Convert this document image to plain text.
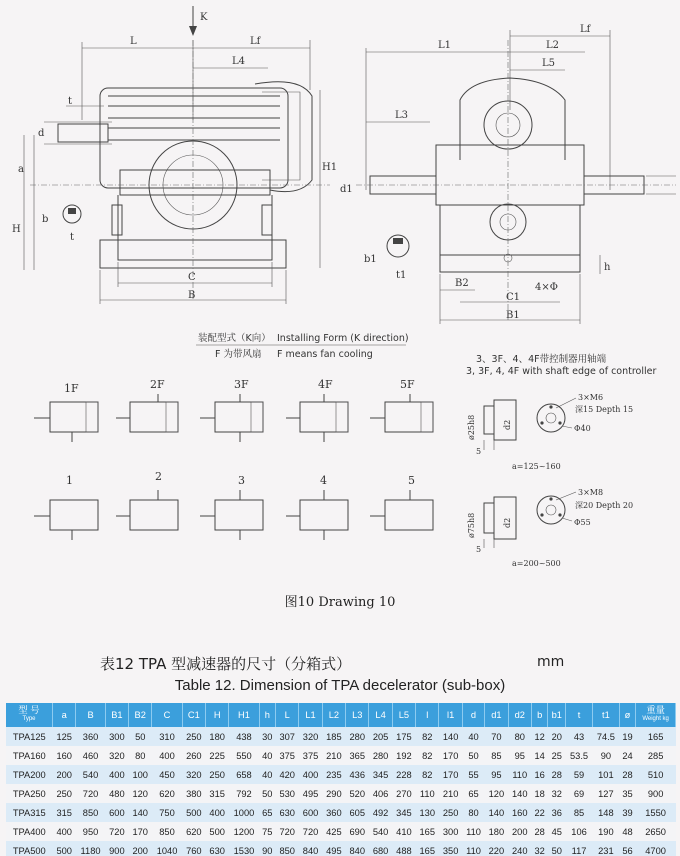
K
L	Lf
L4
t
d
a	H1
H
b
t
C
B
L1
Lf
L2
L5
L3
d1
b1
t1
B2	4×Φ
h
C1
B1
装配型式（K向） Installing Form (K direction)
F 为带风扇 F means fan cooling	3、3F、4、4F带控制器用轴端
3, 3F, 4, 4F with shaft edge of controller
1F	2F	3F	4F	5F
1	2	3	4	5
ø25h8	d2
5
3×M6
深15 Depth 15
Φ40
a=125~160
ø75h8	d2
5
3×M8
深20 Depth 20
Φ55
a=200~500
图10 Drawing 10
表12 TPA 型减速器的尺寸（分箱式）	mm
Table 12. Dimension of TPA decelerator (sub-box)
型 号
Type	a	B	B1	B2	C	C1	H	H1	h	L	L1	L2	L3	L4	L5	l	l1	d	d1	d2	b	b1	t	t1	ø	重量
Weight kg

TPA125	125	360	300	50	310	250	180	438	30	307	320	185	280	205	175	82	140	40	70	80	12	20	43	74.5	19	165
TPA160	160	460	320	80	400	260	225	550	40	375	375	210	365	280	192	82	170	50	85	95	14	25	53.5	90	24	285
TPA200	200	540	400	100	450	320	250	658	40	420	400	235	436	345	228	82	170	55	95	110	16	28	59	101	28	510
TPA250	250	720	480	120	620	380	315	792	50	530	495	290	520	406	270	110	210	65	120	140	18	32	69	127	35	900
TPA315	315	850	600	140	750	500	400	1000	65	630	600	360	605	492	345	130	250	80	140	160	22	36	85	148	39	1550
TPA400	400	950	720	170	850	620	500	1200	75	720	720	425	690	540	410	165	300	110	180	200	28	45	106	190	48	2650
TPA500	500	1180	900	200	1040	760	630	1530	90	850	840	495	840	680	488	165	350	110	220	240	32	50	117	231	56	4700
